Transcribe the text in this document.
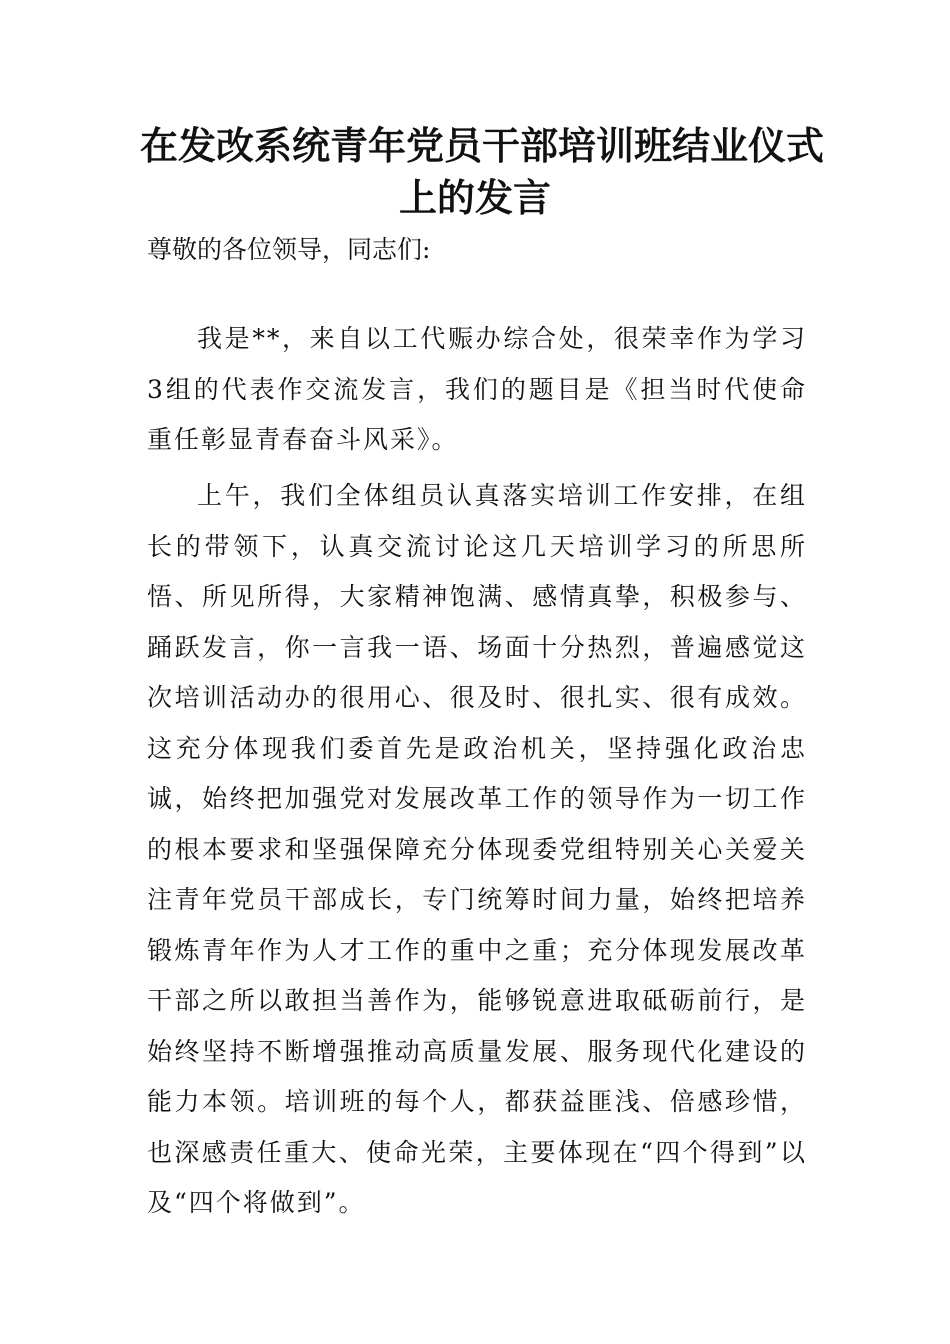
在发改系统青年党员干部培训班结业仪式
上的发言

尊敬的各位领导，同志们:

我是**，来自以工代赈办综合处，很荣幸作为学习3组的代表作交流发言，我们的题目是《担当时代使命重任彰显青春奋斗风采》。

上午，我们全体组员认真落实培训工作安排，在组长的带领下，认真交流讨论这几天培训学习的所思所悟、所见所得，大家精神饱满、感情真挚，积极参与、踊跃发言，你一言我一语、场面十分热烈，普遍感觉这次培训活动办的很用心、很及时、很扎实、很有成效。这充分体现我们委首先是政治机关，坚持强化政治忠诚，始终把加强党对发展改革工作的领导作为一切工作的根本要求和坚强保障充分体现委党组特别关心关爱关注青年党员干部成长，专门统筹时间力量，始终把培养锻炼青年作为人才工作的重中之重；充分体现发展改革干部之所以敢担当善作为，能够锐意进取砥砺前行，是始终坚持不断增强推动高质量发展、服务现代化建设的能力本领。培训班的每个人，都获益匪浅、倍感珍惜，也深感责任重大、使命光荣，主要体现在“四个得到”以及“四个将做到”。
